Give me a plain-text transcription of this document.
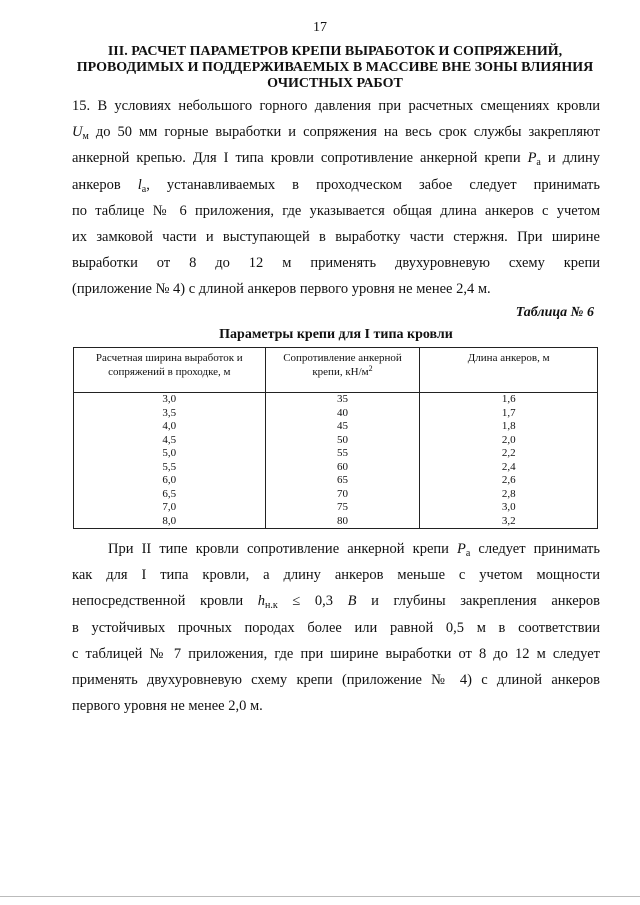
17
III. РАСЧЕТ ПАРАМЕТРОВ КРЕПИ ВЫРАБОТОК И СОПРЯЖЕНИЙ,
ПРОВОДИМЫХ И ПОДДЕРЖИВАЕМЫХ В МАССИВЕ ВНЕ ЗОНЫ ВЛИЯНИЯ
ОЧИСТНЫХ РАБОТ
15. В условиях небольшого горного давления при расчетных смещениях кровли
$U_м$ до 50 мм горные выработки и сопряжения на весь срок службы закрепляют
анкерной крепью. Для I типа кровли сопротивление анкерной крепи $P_а$ и длину
анкеров $l_а$, устанавливаемых в проходческом забое следует принимать
по таблице № 6 приложения, где указывается общая длина анкеров с учетом
их замковой части и выступающей в выработку части стержня. При ширине
выработки от 8 до 12 м применять двухуровневую схему крепи
(приложение № 4) с длиной анкеров первого уровня не менее 2,4 м.
Таблица № 6
Параметры крепи для I типа кровли
Расчетная ширина выработок и сопряжений в проходке, м	Сопротивление анкерной крепи, $кН/м^2$	Длина анкеров, м
3,0	35	1,6
3,5	40	1,7
4,0	45	1,8
4,5	50	2,0
5,0	55	2,2
5,5	60	2,4
6,0	65	2,6
6,5	70	2,8
7,0	75	3,0
8,0	80	3,2
При II типе кровли сопротивление анкерной крепи $P_а$ следует принимать
как для I типа кровли, а длину анкеров меньше с учетом мощности
непосредственной кровли $h_{н.к} \le 0,3$ B и глубины закрепления анкеров
в устойчивых прочных породах более или равной 0,5 м в соответствии
с таблицей № 7 приложения, где при ширине выработки от 8 до 12 м следует
применять двухуровневую схему крепи (приложение № 4) с длиной анкеров
первого уровня не менее 2,0 м.
